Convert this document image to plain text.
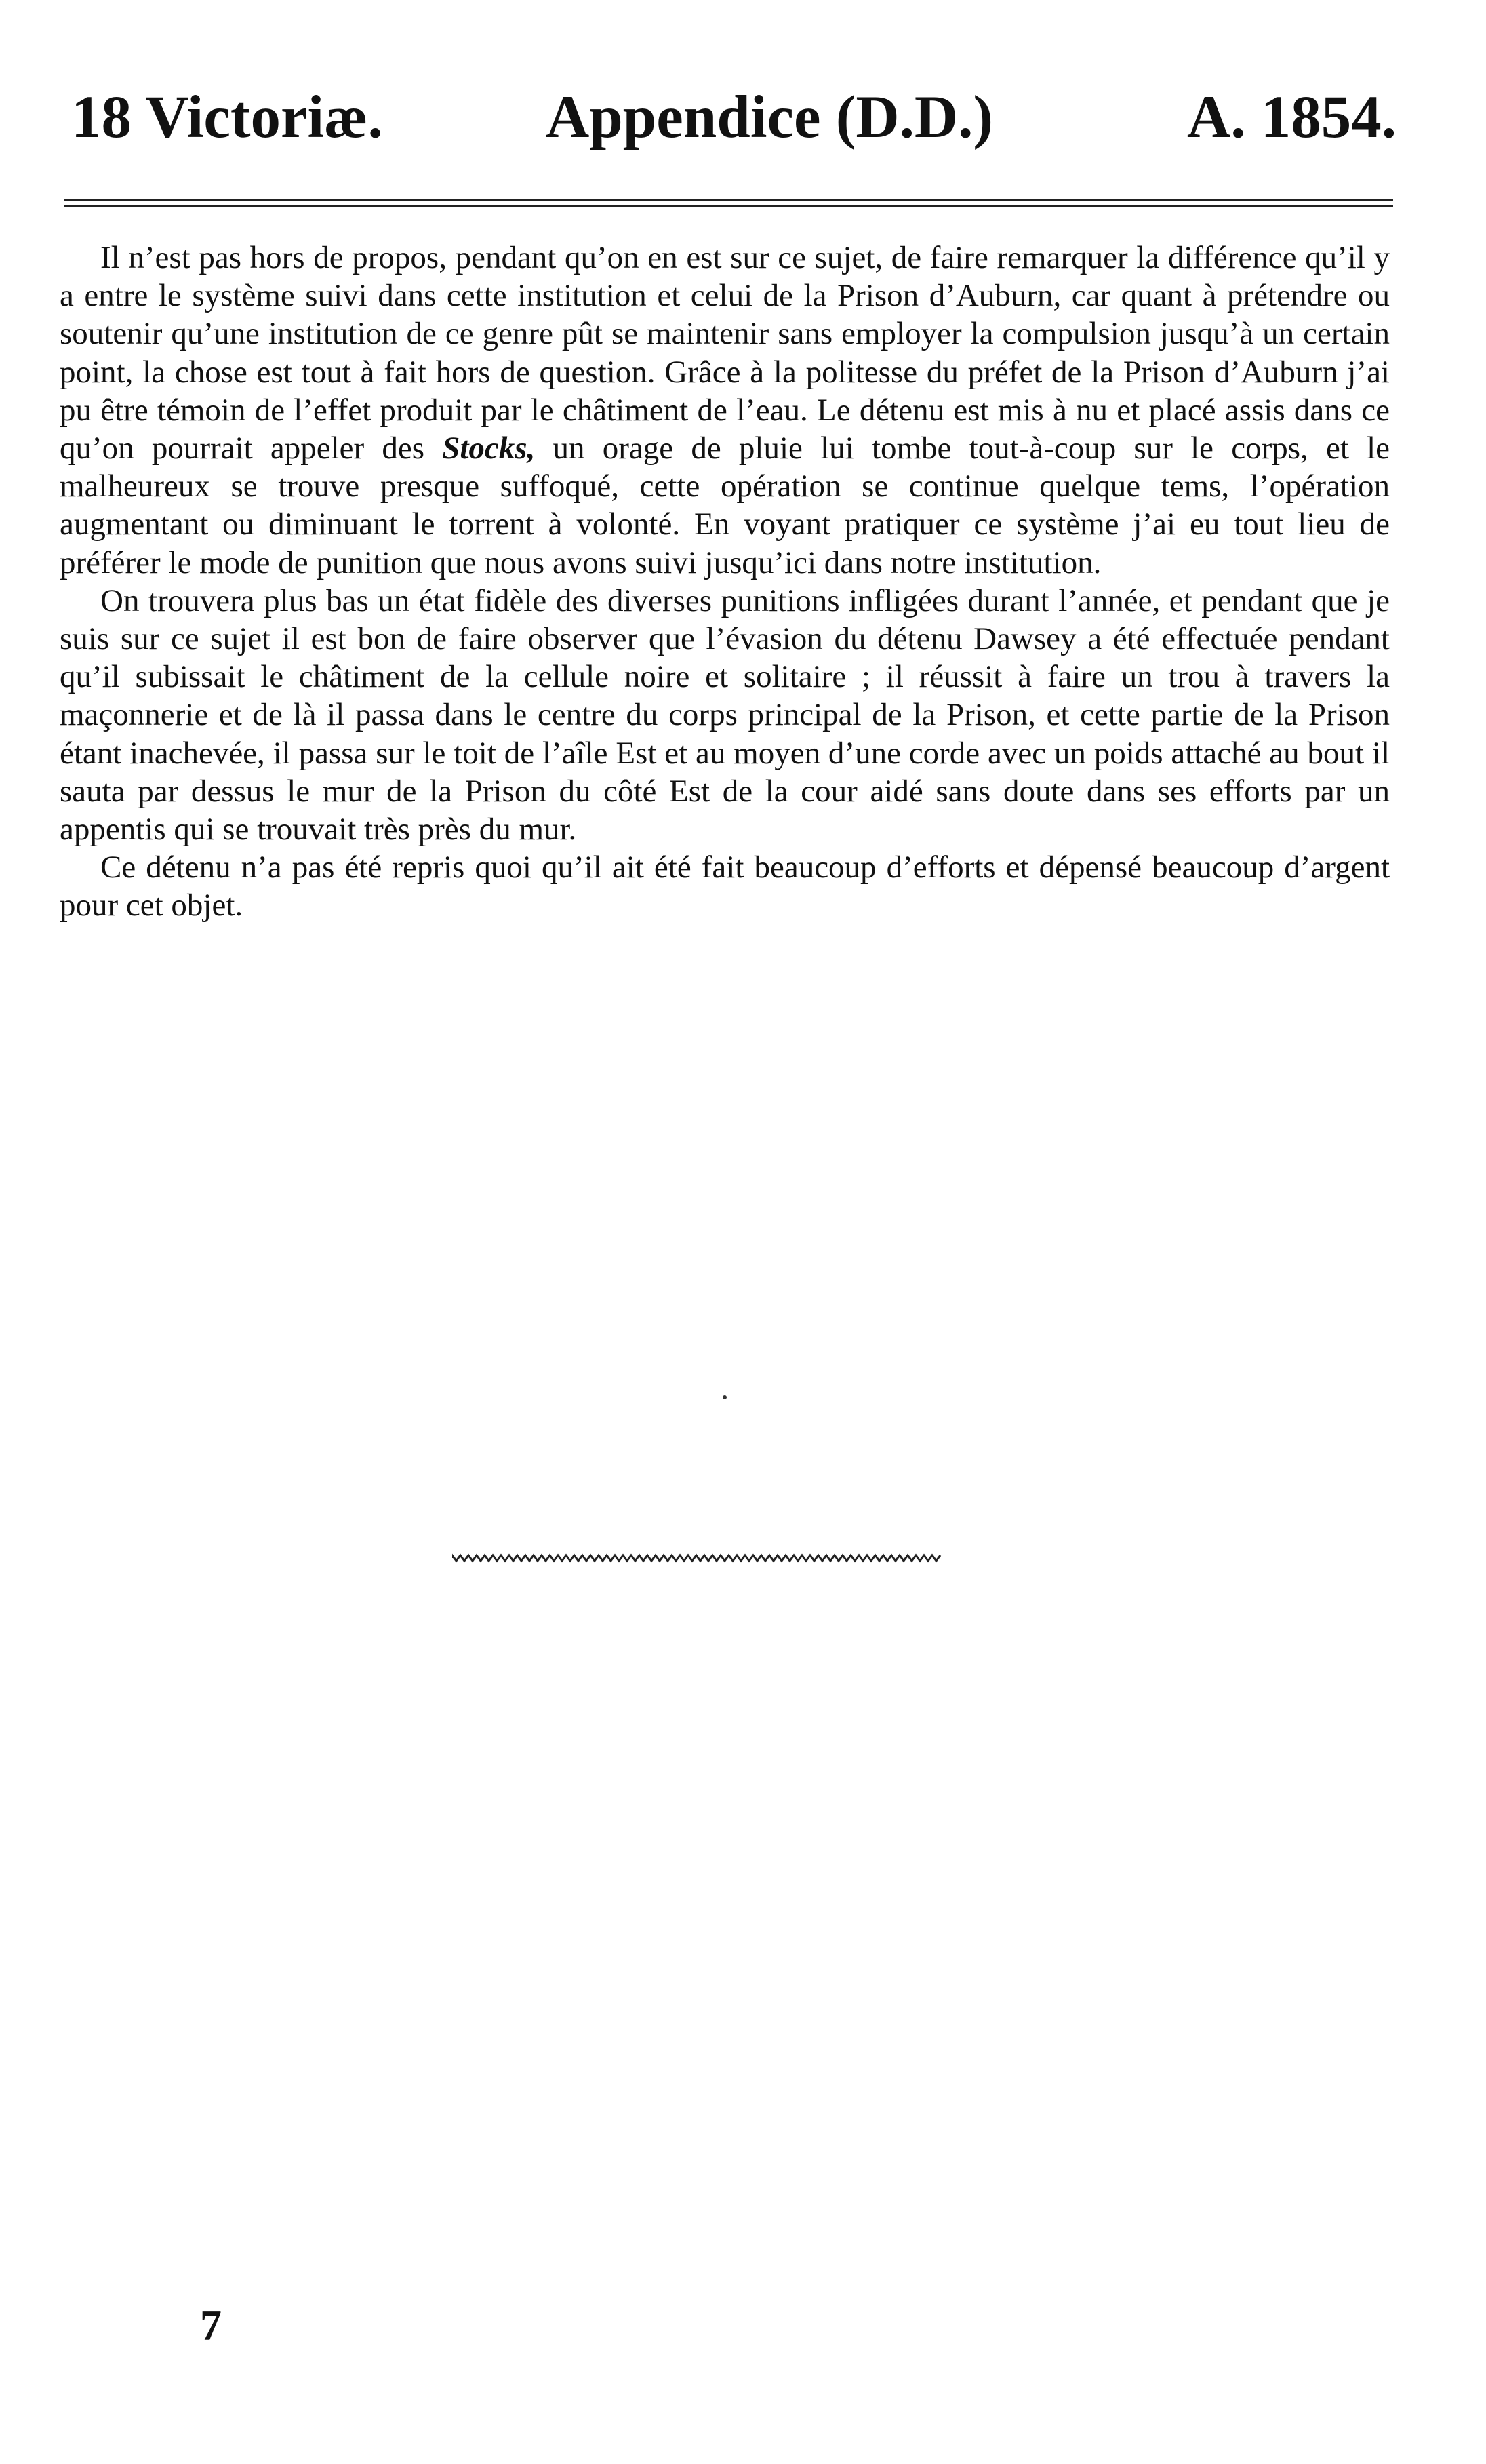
18 Victoriæ.	Appendice (D.D.)	A. 1854.

Il n’est pas hors de propos, pendant qu’on en est sur ce sujet, de faire remarquer la différence qu’il y a entre le système suivi dans cette institution et celui de la Prison d’Auburn, car quant à prétendre ou soutenir qu’une institution de ce genre pût se maintenir sans employer la compulsion jusqu’à un certain point, la chose est tout à fait hors de question. Grâce à la politesse du préfet de la Prison d’Auburn j’ai pu être témoin de l’effet produit par le châtiment de l’eau. Le détenu est mis à nu et placé assis dans ce qu’on pourrait appeler des Stocks, un orage de pluie lui tombe tout-à-coup sur le corps, et le malheureux se trouve presque suffoqué, cette opération se continue quelque tems, l’opération augmentant ou diminuant le torrent à volonté. En voyant pratiquer ce système j’ai eu tout lieu de préférer le mode de punition que nous avons suivi jusqu’ici dans notre institution.

On trouvera plus bas un état fidèle des diverses punitions infligées durant l’année, et pendant que je suis sur ce sujet il est bon de faire observer que l’évasion du détenu Dawsey a été effectuée pendant qu’il subissait le châtiment de la cellule noire et solitaire ; il réussit à faire un trou à travers la maçonnerie et de là il passa dans le centre du corps principal de la Prison, et cette partie de la Prison étant inachevée, il passa sur le toit de l’aîle Est et au moyen d’une corde avec un poids attaché au bout il sauta par dessus le mur de la Prison du côté Est de la cour aidé sans doute dans ses efforts par un appentis qui se trouvait très près du mur.

Ce détenu n’a pas été repris quoi qu’il ait été fait beaucoup d’efforts et dépensé beaucoup d’argent pour cet objet.

7
